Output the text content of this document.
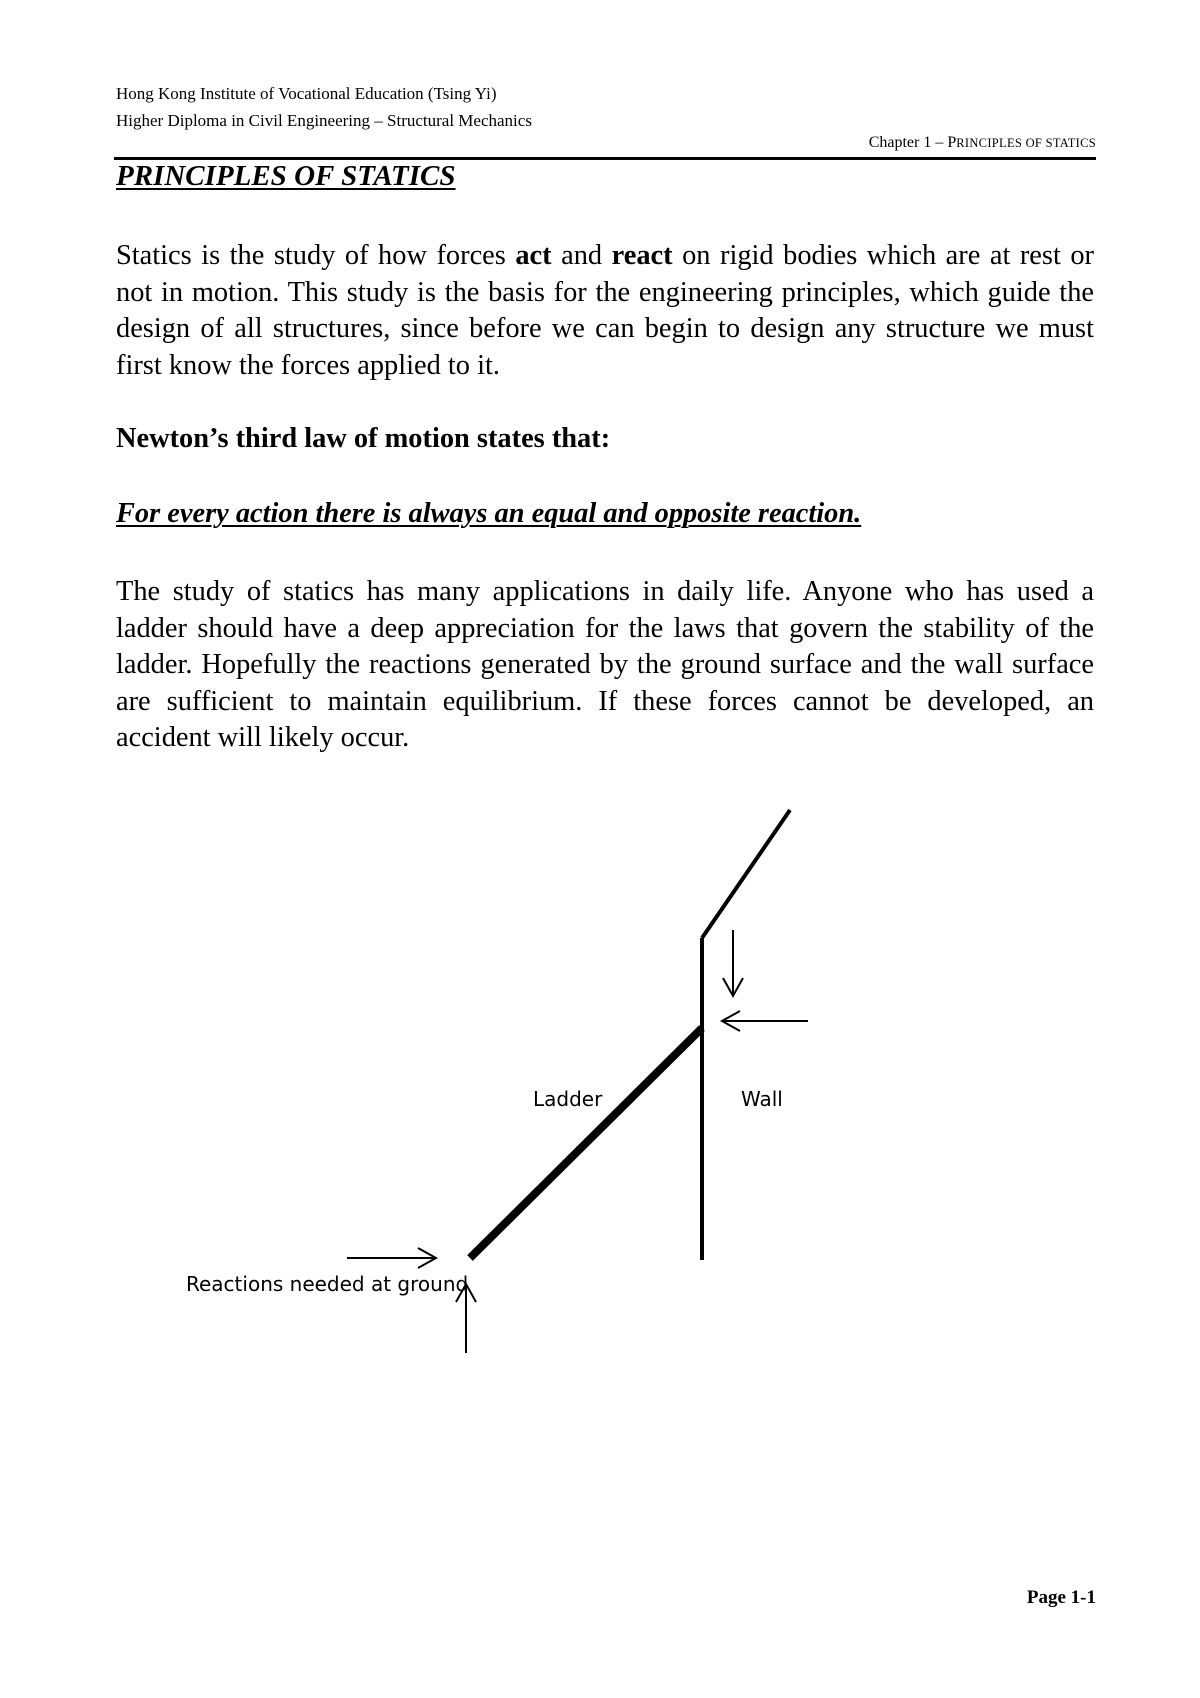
Hong Kong Institute of Vocational Education (Tsing Yi)
Higher Diploma in Civil Engineering – Structural Mechanics
Chapter 1 – PRINCIPLES OF STATICS
PRINCIPLES OF STATICS
Statics is the study of how forces act and react on rigid bodies which are at rest or not in motion. This study is the basis for the engineering principles, which guide the design of all structures, since before we can begin to design any structure we must first know the forces applied to it.
Newton’s third law of motion states that:
For every action there is always an equal and opposite reaction.
The study of statics has many applications in daily life. Anyone who has used a ladder should have a deep appreciation for the laws that govern the stability of the ladder. Hopefully the reactions generated by the ground surface and the wall surface are sufficient to maintain equilibrium. If these forces cannot be developed, an accident will likely occur.
Ladder	Wall
Reactions needed at ground
Page 1-1
